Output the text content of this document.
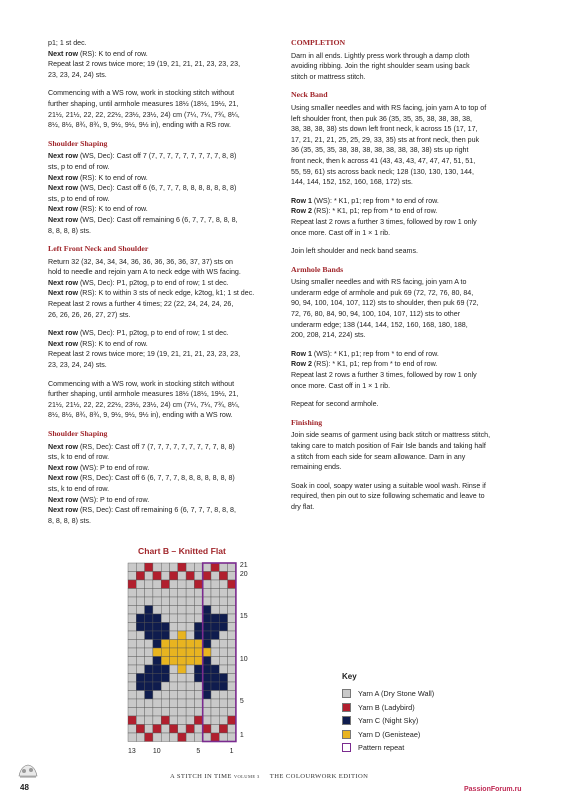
p1; 1 st dec.
Next row (RS): K to end of row.
Repeat last 2 rows twice more; 19 (19, 21, 21, 21, 23, 23, 23,
23, 23, 24, 24) sts.
Commencing with a WS row, work in stocking stitch without
further shaping, until armhole measures 18½ (18½, 19½, 21,
21½, 21½, 22, 22, 22½, 23½, 23½, 24) cm (7¼, 7¼, 7¾, 8¼,
8½, 8½, 8¾, 8¾, 9, 9½, 9½, 9½ in), ending with a RS row.
Shoulder Shaping
Next row (WS, Dec): Cast off 7 (7, 7, 7, 7, 7, 7, 7, 7, 7, 8, 8)
sts, p to end of row.
Next row (RS): K to end of row.
Next row (WS, Dec): Cast off 6 (6, 7, 7, 7, 8, 8, 8, 8, 8, 8, 8)
sts, p to end of row.
Next row (RS): K to end of row.
Next row (WS, Dec): Cast off remaining 6 (6, 7, 7, 7, 8, 8, 8,
8, 8, 8, 8) sts.
Left Front Neck and Shoulder
Return 32 (32, 34, 34, 34, 36, 36, 36, 36, 36, 37, 37) sts on
hold to needle and rejoin yarn A to neck edge with WS facing.
Next row (WS, Dec): P1, p2tog, p to end of row; 1 st dec.
Next row (RS): K to within 3 sts of neck edge, k2tog, k1; 1 st dec.
Repeat last 2 rows a further 4 times; 22 (22, 24, 24, 24, 26,
26, 26, 26, 26, 27, 27) sts.
Next row (WS, Dec): P1, p2tog, p to end of row; 1 st dec.
Next row (RS): K to end of row.
Repeat last 2 rows twice more; 19 (19, 21, 21, 21, 23, 23, 23,
23, 23, 24, 24) sts.
Commencing with a WS row, work in stocking stitch without
further shaping, until armhole measures 18½ (18½, 19½, 21,
21½, 21½, 22, 22, 22½, 23½, 23½, 24) cm (7¼, 7¼, 7¾, 8¼,
8½, 8½, 8¾, 8¾, 9, 9½, 9½, 9½ in), ending with a WS row.
Shoulder Shaping
Next row (RS, Dec): Cast off 7 (7, 7, 7, 7, 7, 7, 7, 7, 7, 8, 8)
sts, k to end of row.
Next row (WS): P to end of row.
Next row (RS, Dec): Cast off 6 (6, 7, 7, 7, 8, 8, 8, 8, 8, 8, 8)
sts, k to end of row.
Next row (WS): P to end of row.
Next row (RS, Dec): Cast off remaining 6 (6, 7, 7, 7, 8, 8, 8,
8, 8, 8, 8) sts.
COMPLETION
Darn in all ends. Lightly press work through a damp cloth
avoiding ribbing. Join the right shoulder seam using back
stitch or mattress stitch.
Neck Band
Using smaller needles and with RS facing, join yarn A to top of
left shoulder front, then puk 36 (35, 35, 35, 38, 38, 38, 38,
38, 38, 38, 38) sts down left front neck, k across 15 (17, 17,
17, 21, 21, 21, 25, 25, 29, 33, 35) sts at front neck, then puk
36 (35, 35, 35, 38, 38, 38, 38, 38, 38, 38, 38) sts up right
front neck, then k across 41 (43, 43, 43, 47, 47, 47, 51, 51,
55, 59, 61) sts across back neck; 128 (130, 130, 130, 144,
144, 144, 152, 152, 160, 168, 172) sts.
Row 1 (WS): * K1, p1; rep from * to end of row.
Row 2 (RS): * K1, p1; rep from * to end of row.
Repeat last 2 rows a further 3 times, followed by row 1 only
once more. Cast off in 1 × 1 rib.
Join left shoulder and neck band seams.
Armhole Bands
Using smaller needles and with RS facing, join yarn A to
underarm edge of armhole and puk 69 (72, 72, 76, 80, 84,
90, 94, 100, 104, 107, 112) sts to shoulder, then puk 69 (72,
72, 76, 80, 84, 90, 94, 100, 104, 107, 112) sts to other
underarm edge; 138 (144, 144, 152, 160, 168, 180, 188,
200, 208, 214, 224) sts.
Row 1 (WS): * K1, p1; rep from * to end of row.
Row 2 (RS): * K1, p1; rep from * to end of row.
Repeat last 2 rows a further 3 times, followed by row 1 only
once more. Cast off in 1 × 1 rib.
Repeat for second armhole.
Finishing
Join side seams of garment using back stitch or mattress stitch,
taking care to match position of Fair Isle bands and taking half
a stitch from each side for seam allowance. Darn in any
remaining ends.
Soak in cool, soapy water using a suitable wool wash. Rinse if
required, then pin out to size following schematic and leave to
dry flat.
Chart B – Knitted Flat
21
20
15
10
5
1
13 10	5	1
Key
Yarn A (Dry Stone Wall)
Yarn B (Ladybird)
Yarn C (Night Sky)
Yarn D (Genisteae)
Pattern repeat
48
A STITCH IN TIME VOLUME 3 THE COLOURWORK EDITION
PassionForum.ru
